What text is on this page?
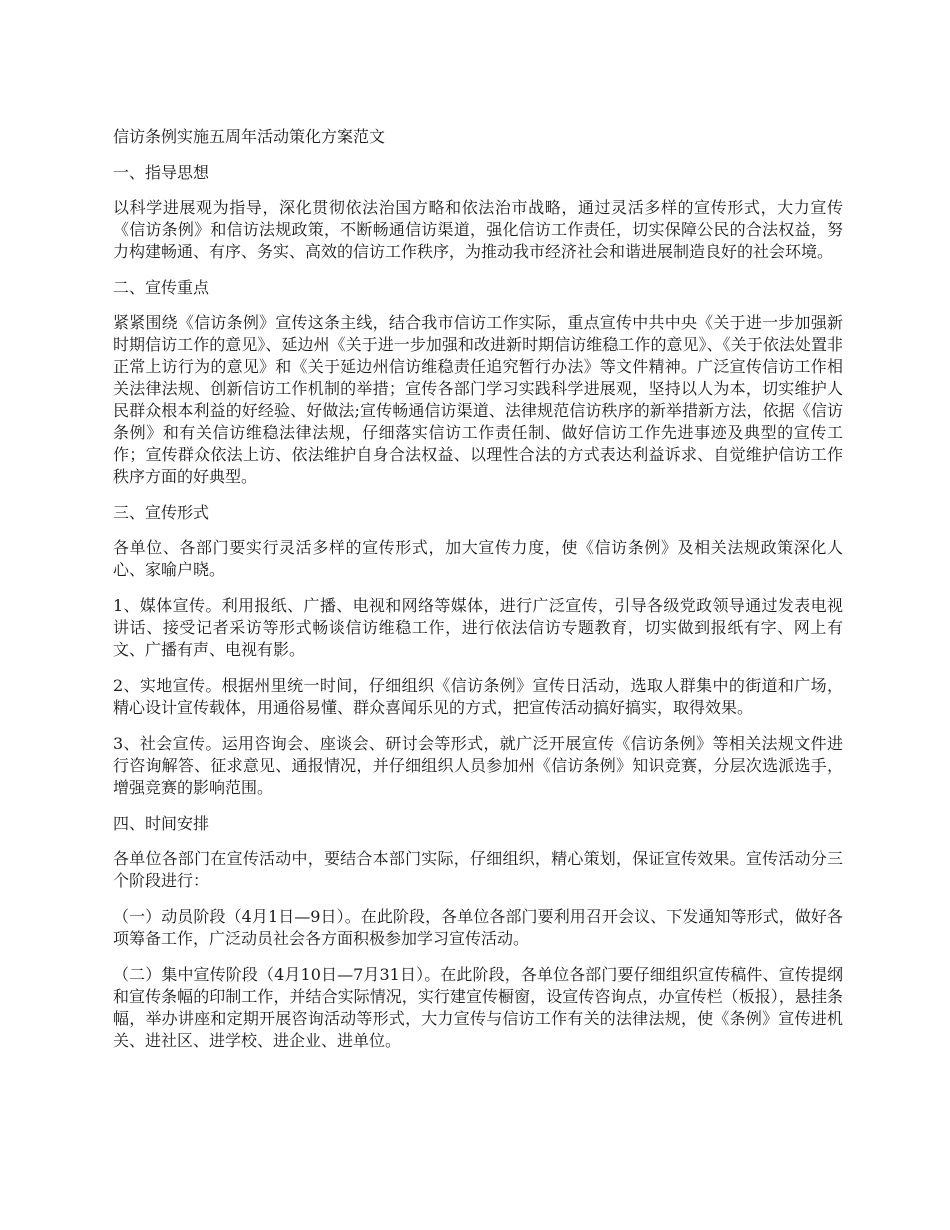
信访条例实施五周年活动策化方案范文
一、指导思想

以科学进展观为指导，深化贯彻依法治国方略和依法治市战略，通过灵活多样的宣传形式，大力宣传《信访条例》和信访法规政策，不断畅通信访渠道，强化信访工作责任，切实保障公民的合法权益，努力构建畅通、有序、务实、高效的信访工作秩序，为推动我市经济社会和谐进展制造良好的社会环境。

二、宣传重点

紧紧围绕《信访条例》宣传这条主线，结合我市信访工作实际，重点宣传中共中央《关于进一步加强新时期信访工作的意见》、延边州《关于进一步加强和改进新时期信访维稳工作的意见》、《关于依法处置非正常上访行为的意见》和《关于延边州信访维稳责任追究暂行办法》等文件精神。广泛宣传信访工作相关法律法规、创新信访工作机制的举措；宣传各部门学习实践科学进展观，坚持以人为本，切实维护人民群众根本利益的好经验、好做法;宣传畅通信访渠道、法律规范信访秩序的新举措新方法，依据《信访条例》和有关信访维稳法律法规，仔细落实信访工作责任制、做好信访工作先进事迹及典型的宣传工作；宣传群众依法上访、依法维护自身合法权益、以理性合法的方式表达利益诉求、自觉维护信访工作秩序方面的好典型。

三、宣传形式

各单位、各部门要实行灵活多样的宣传形式，加大宣传力度，使《信访条例》及相关法规政策深化人心、家喻户晓。

1、媒体宣传。利用报纸、广播、电视和网络等媒体，进行广泛宣传，引导各级党政领导通过发表电视讲话、接受记者采访等形式畅谈信访维稳工作，进行依法信访专题教育，切实做到报纸有字、网上有文、广播有声、电视有影。

2、实地宣传。根据州里统一时间，仔细组织《信访条例》宣传日活动，选取人群集中的街道和广场，精心设计宣传载体，用通俗易懂、群众喜闻乐见的方式，把宣传活动搞好搞实，取得效果。

3、社会宣传。运用咨询会、座谈会、研讨会等形式，就广泛开展宣传《信访条例》等相关法规文件进行咨询解答、征求意见、通报情况，并仔细组织人员参加州《信访条例》知识竞赛，分层次选派选手，增强竞赛的影响范围。

四、时间安排

各单位各部门在宣传活动中，要结合本部门实际，仔细组织，精心策划，保证宣传效果。宣传活动分三个阶段进行：

（一）动员阶段（4月1日—9日）。在此阶段，各单位各部门要利用召开会议、下发通知等形式，做好各项筹备工作，广泛动员社会各方面积极参加学习宣传活动。

（二）集中宣传阶段（4月10日—7月31日）。在此阶段，各单位各部门要仔细组织宣传稿件、宣传提纲和宣传条幅的印制工作，并结合实际情况，实行建宣传橱窗，设宣传咨询点，办宣传栏（板报），悬挂条幅，举办讲座和定期开展咨询活动等形式，大力宣传与信访工作有关的法律法规，使《条例》宣传进机关、进社区、进学校、进企业、进单位。
